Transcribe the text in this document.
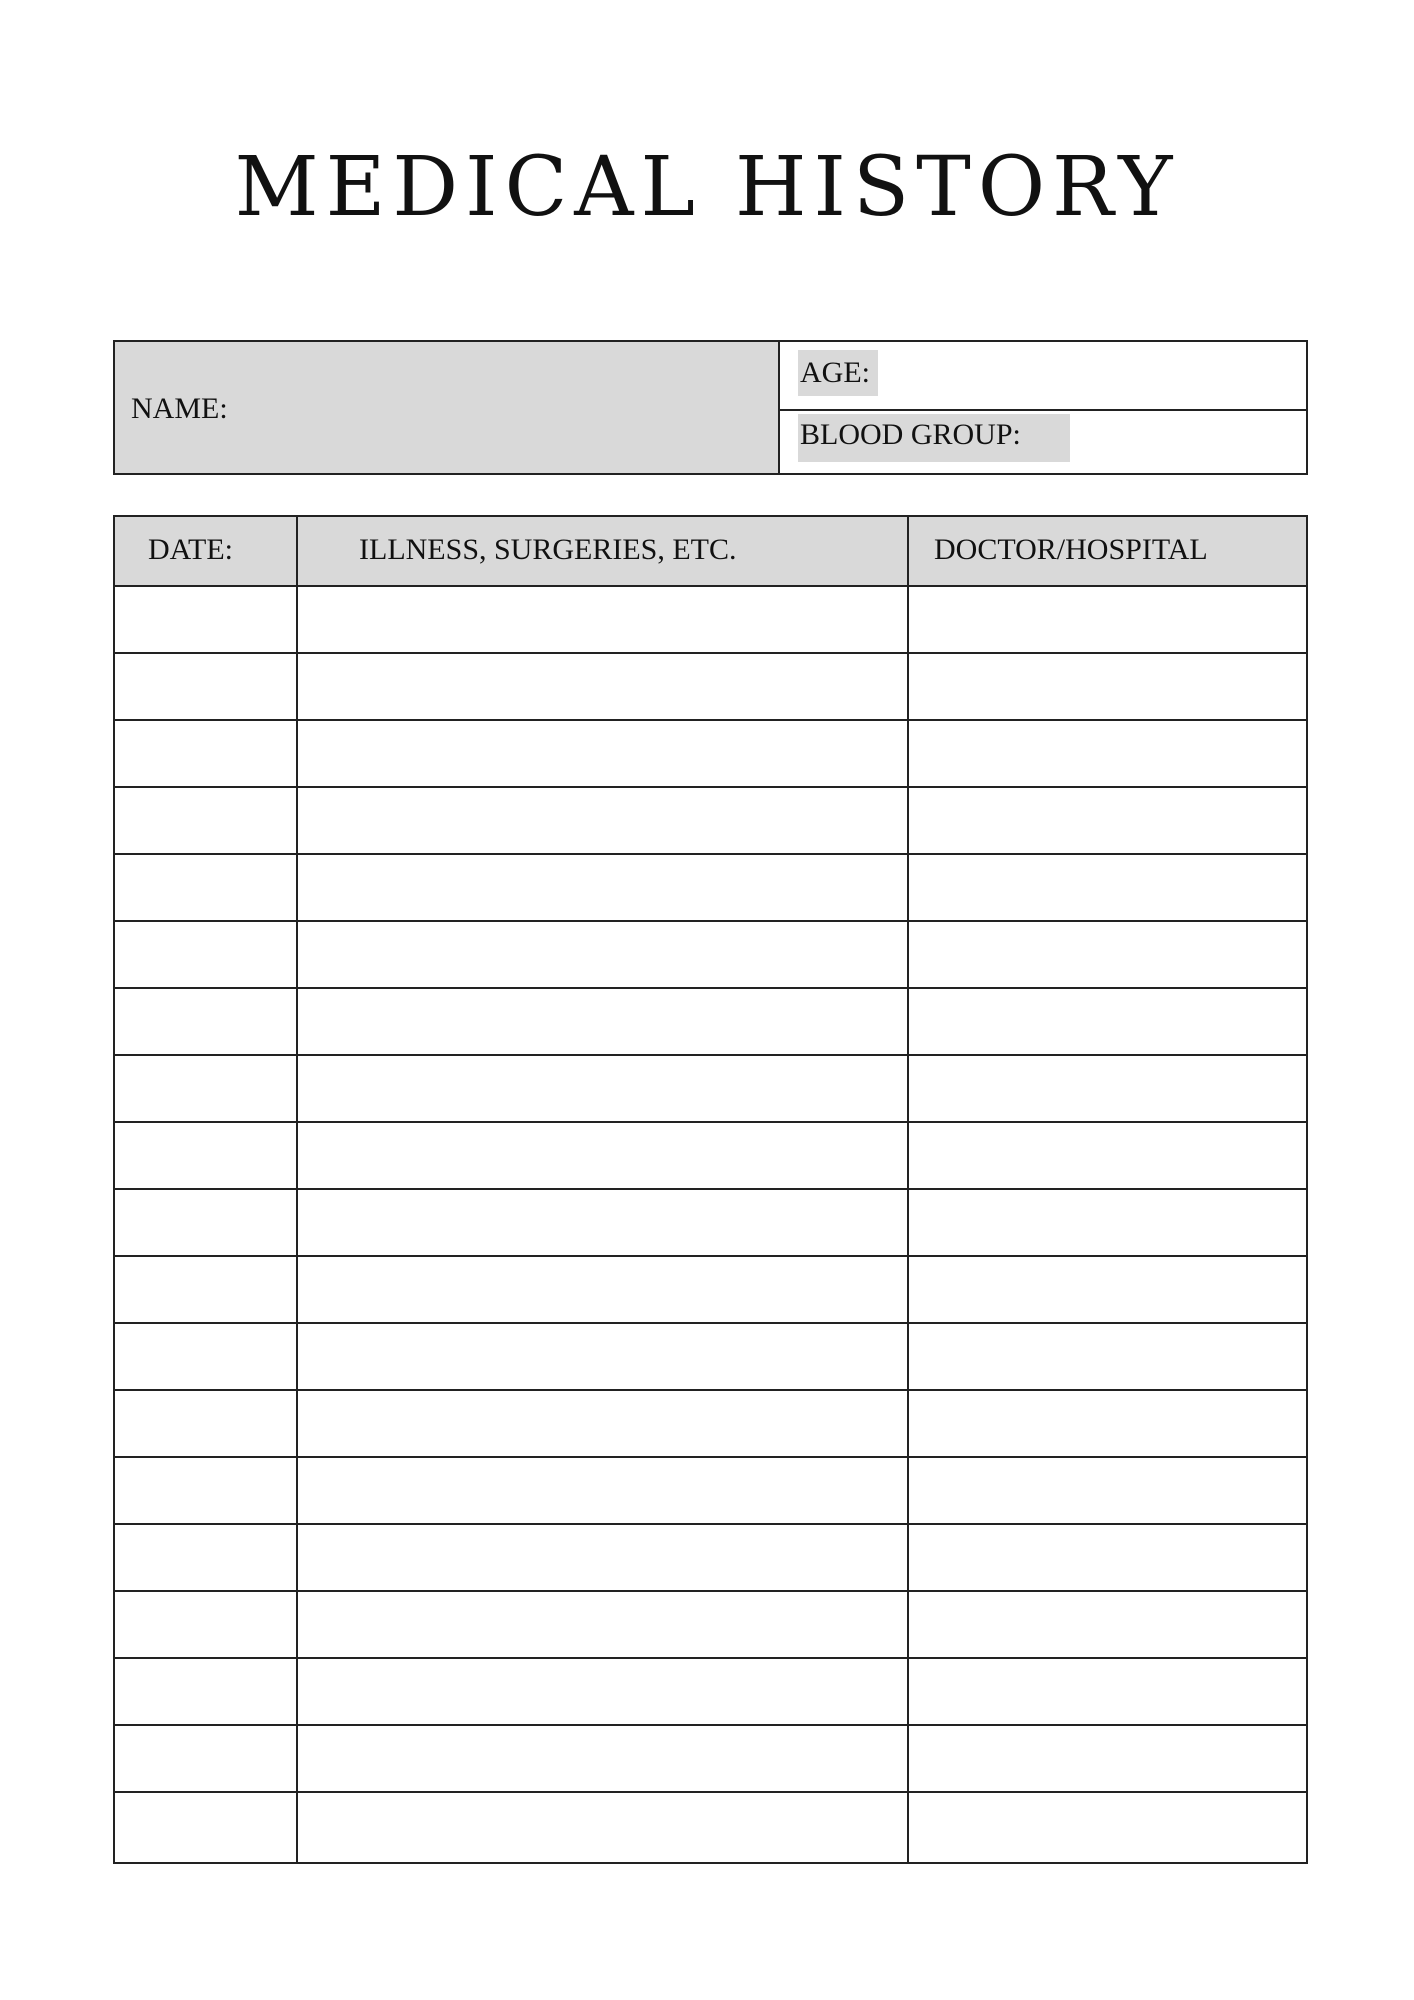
MEDICAL HISTORY
NAME:
AGE:
BLOOD GROUP:
DATE:	ILLNESS, SURGERIES, ETC.	DOCTOR/HOSPITAL
